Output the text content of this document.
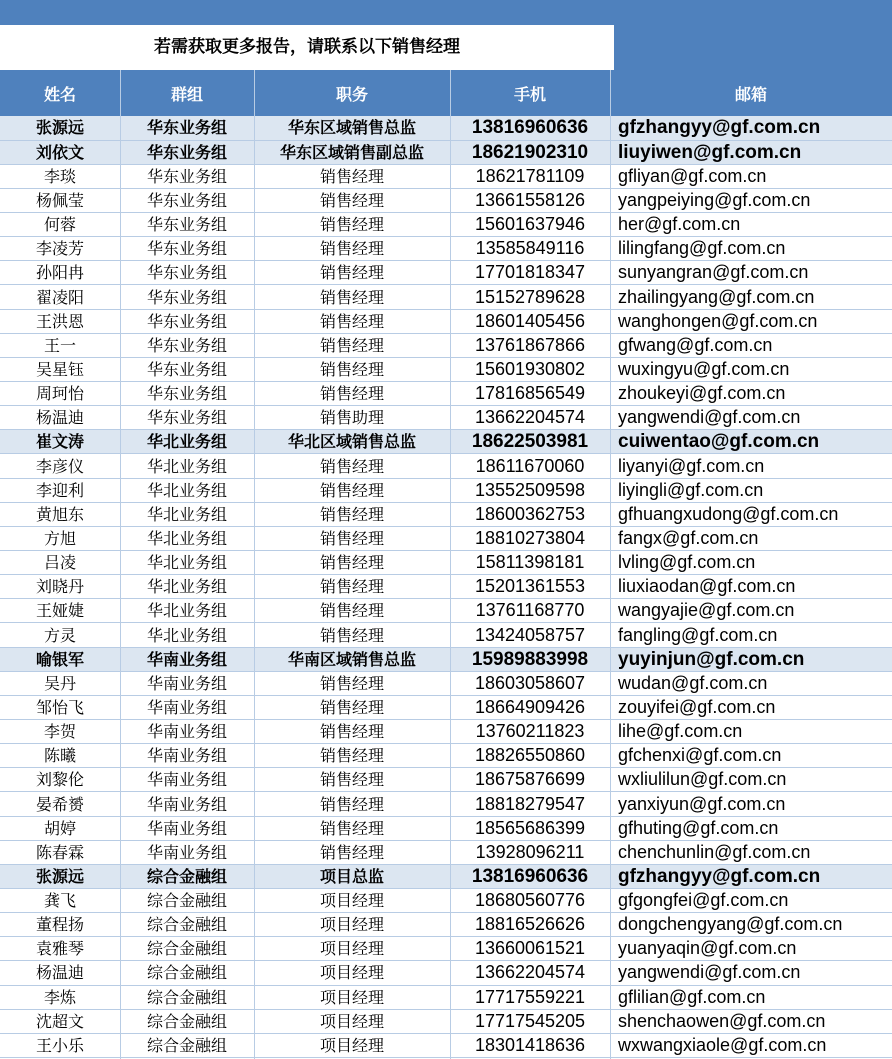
若需获取更多报告，请联系以下销售经理
姓名	群组	职务	手机	邮箱
张源远	华东业务组	华东区域销售总监	13816960636	gfzhangyy@gf.com.cn
刘依文	华东业务组	华东区域销售副总监	18621902310	liuyiwen@gf.com.cn
李琰	华东业务组	销售经理	18621781109	gfliyan@gf.com.cn
杨佩莹	华东业务组	销售经理	13661558126	yangpeiying@gf.com.cn
何蓉	华东业务组	销售经理	15601637946	her@gf.com.cn
李凌芳	华东业务组	销售经理	13585849116	lilingfang@gf.com.cn
孙阳冉	华东业务组	销售经理	17701818347	sunyangran@gf.com.cn
翟凌阳	华东业务组	销售经理	15152789628	zhailingyang@gf.com.cn
王洪恩	华东业务组	销售经理	18601405456	wanghongen@gf.com.cn
王一	华东业务组	销售经理	13761867866	gfwang@gf.com.cn
吴星钰	华东业务组	销售经理	15601930802	wuxingyu@gf.com.cn
周珂怡	华东业务组	销售经理	17816856549	zhoukeyi@gf.com.cn
杨温迪	华东业务组	销售助理	13662204574	yangwendi@gf.com.cn
崔文涛	华北业务组	华北区域销售总监	18622503981	cuiwentao@gf.com.cn
李彦仪	华北业务组	销售经理	18611670060	liyanyi@gf.com.cn
李迎利	华北业务组	销售经理	13552509598	liyingli@gf.com.cn
黄旭东	华北业务组	销售经理	18600362753	gfhuangxudong@gf.com.cn
方旭	华北业务组	销售经理	18810273804	fangx@gf.com.cn
吕凌	华北业务组	销售经理	15811398181	lvling@gf.com.cn
刘晓丹	华北业务组	销售经理	15201361553	liuxiaodan@gf.com.cn
王娅婕	华北业务组	销售经理	13761168770	wangyajie@gf.com.cn
方灵	华北业务组	销售经理	13424058757	fangling@gf.com.cn
喻银军	华南业务组	华南区域销售总监	15989883998	yuyinjun@gf.com.cn
吴丹	华南业务组	销售经理	18603058607	wudan@gf.com.cn
邹怡飞	华南业务组	销售经理	18664909426	zouyifei@gf.com.cn
李贺	华南业务组	销售经理	13760211823	lihe@gf.com.cn
陈曦	华南业务组	销售经理	18826550860	gfchenxi@gf.com.cn
刘黎伦	华南业务组	销售经理	18675876699	wxliulilun@gf.com.cn
晏希赟	华南业务组	销售经理	18818279547	yanxiyun@gf.com.cn
胡婷	华南业务组	销售经理	18565686399	gfhuting@gf.com.cn
陈春霖	华南业务组	销售经理	13928096211	chenchunlin@gf.com.cn
张源远	综合金融组	项目总监	13816960636	gfzhangyy@gf.com.cn
龚飞	综合金融组	项目经理	18680560776	gfgongfei@gf.com.cn
董程扬	综合金融组	项目经理	18816526626	dongchengyang@gf.com.cn
袁雅琴	综合金融组	项目经理	13660061521	yuanyaqin@gf.com.cn
杨温迪	综合金融组	项目经理	13662204574	yangwendi@gf.com.cn
李炼	综合金融组	项目经理	17717559221	gflilian@gf.com.cn
沈超文	综合金融组	项目经理	17717545205	shenchaowen@gf.com.cn
王小乐	综合金融组	项目经理	18301418636	wxwangxiaole@gf.com.cn
